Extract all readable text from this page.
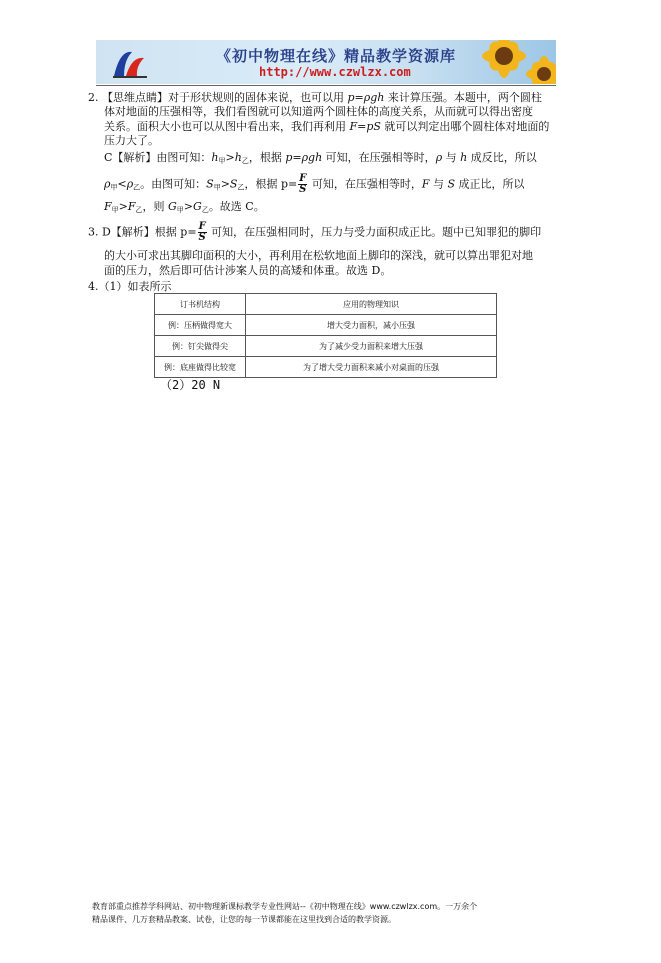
《初中物理在线》精品教学资源库
http://www.czwlzx.com
2. 【思维点睛】对于形状规则的固体来说，也可以用 p=ρgh 来计算压强。本题中，两个圆柱
体对地面的压强相等，我们看图就可以知道两个圆柱体的高度关系，从而就可以得出密度
关系。面积大小也可以从图中看出来，我们再利用 F=pS 就可以判定出哪个圆柱体对地面的
压力大了。
C【解析】由图可知：$h_甲>h_乙$，根据 p=ρgh 可知，在压强相等时，ρ 与 h 成反比，所以
$\rho_甲<\rho_乙$。由图可知：$S_甲>S_乙$，根据 $p= \frac{F}{S}$ 可知，在压强相等时，F 与 S 成正比，所以
$F_甲>F_乙$，则 $G_甲>G_乙$。故选 C。
3. D【解析】根据 $p= \frac{F}{S}$ 可知，在压强相同时，压力与受力面积成正比。题中已知罪犯的脚印
的大小可求出其脚印面积的大小，再利用在松软地面上脚印的深浅，就可以算出罪犯对地
面的压力，然后即可估计涉案人员的高矮和体重。故选 D。
4.（1）如表所示
订书机结构	应用的物理知识
例：压柄做得宽大	增大受力面积，减小压强
例：钉尖做得尖	为了减少受力面积来增大压强
例：底座做得比较宽	为了增大受力面积来减小对桌面的压强
（2）20 N
教育部重点推荐学科网站、初中物理新课标教学专业性网站--《初中物理在线》www.czwlzx.com。一万余个
精品课件、几万套精品教案、试卷，让您的每一节课都能在这里找到合适的教学资源。
